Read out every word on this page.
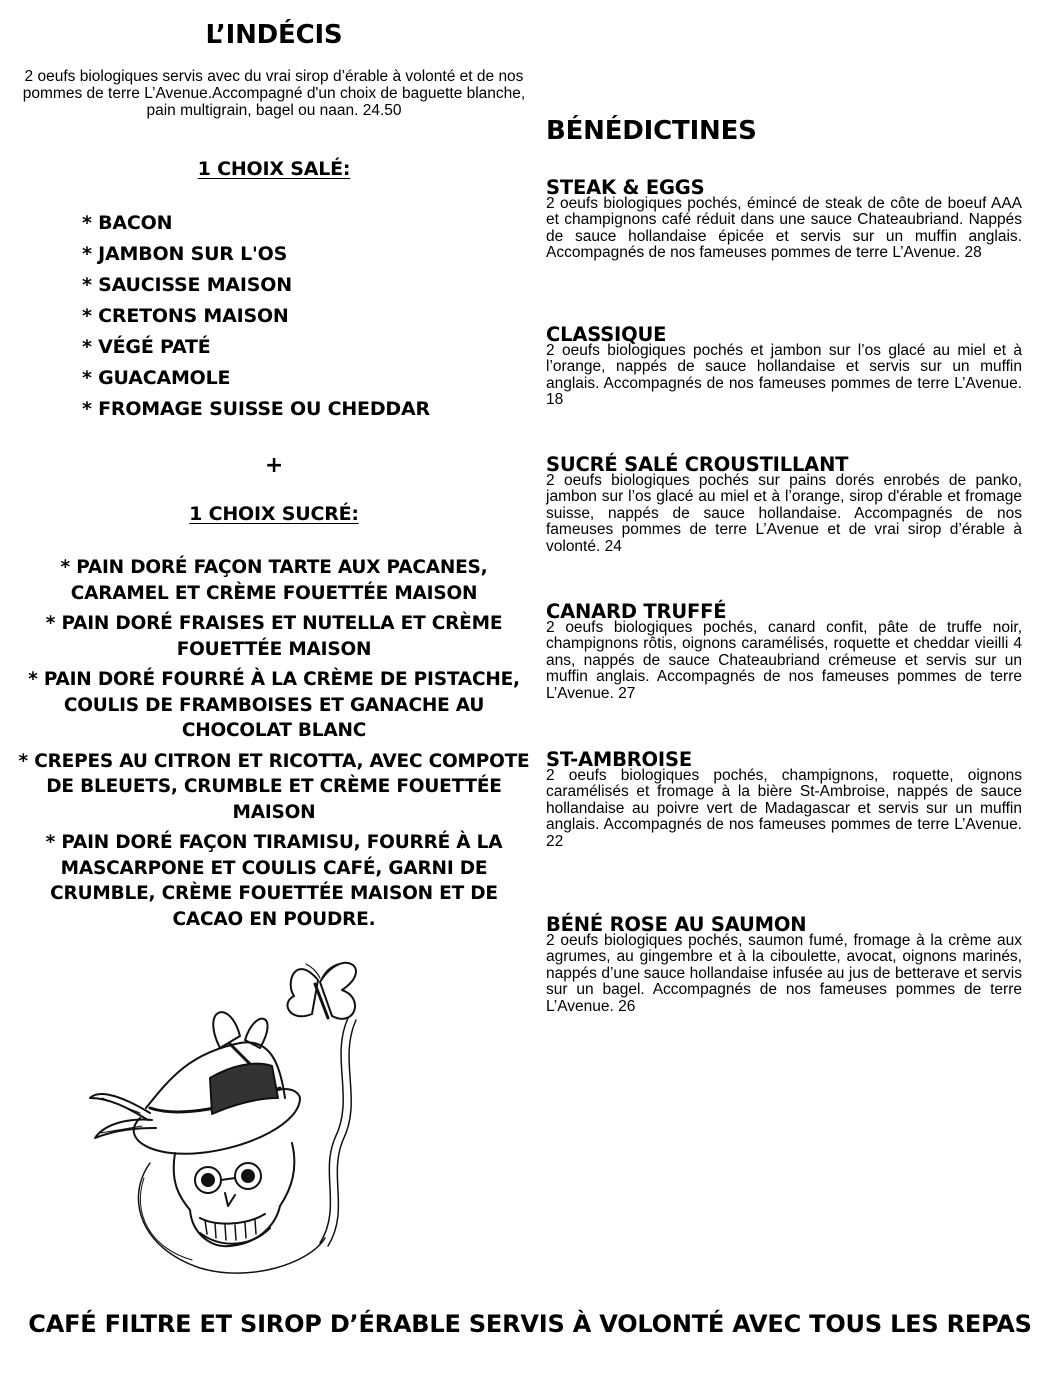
L’INDÉCIS
2 oeufs biologiques servis avec du vrai sirop d’érable à volonté et de nos pommes de terre L’Avenue.Accompagné d'un choix de baguette blanche, pain multigrain, bagel ou naan. 24.50
1 CHOIX SALÉ:
* BACON
* JAMBON SUR L'OS
* SAUCISSE MAISON
* CRETONS MAISON
* VÉGÉ PATÉ
* GUACAMOLE
* FROMAGE SUISSE OU CHEDDAR
+
1 CHOIX SUCRÉ:
* PAIN DORÉ FAÇON TARTE AUX PACANES, CARAMEL ET CRÈME FOUETTÉE MAISON
* PAIN DORÉ FRAISES ET NUTELLA ET CRÈME FOUETTÉE MAISON
* PAIN DORÉ FOURRÉ À LA CRÈME DE PISTACHE, COULIS DE FRAMBOISES ET GANACHE AU CHOCOLAT BLANC
* CREPES AU CITRON ET RICOTTA, AVEC COMPOTE DE BLEUETS, CRUMBLE ET CRÈME FOUETTÉE MAISON
* PAIN DORÉ FAÇON TIRAMISU, FOURRÉ À LA MASCARPONE ET COULIS CAFÉ, GARNI DE CRUMBLE, CRÈME FOUETTÉE MAISON ET DE CACAO EN POUDRE.
BÉNÉDICTINES
STEAK & EGGS
2 oeufs biologiques pochés, émincé de steak de côte de boeuf AAA et champignons café réduit dans une sauce Chateaubriand. Nappés de sauce hollandaise épicée et servis sur un muffin anglais. Accompagnés de nos fameuses pommes de terre L’Avenue. 28
CLASSIQUE
2 oeufs biologiques pochés et jambon sur l’os glacé au miel et à l’orange, nappés de sauce hollandaise et servis sur un muffin anglais. Accompagnés de nos fameuses pommes de terre L’Avenue. 18
SUCRÉ SALÉ CROUSTILLANT
2 oeufs biologiques pochés sur pains dorés enrobés de panko, jambon sur l’os glacé au miel et à l’orange, sirop d'érable et fromage suisse, nappés de sauce hollandaise. Accompagnés de nos fameuses pommes de terre L’Avenue et de vrai sirop d’érable à volonté. 24
CANARD TRUFFÉ
2 oeufs biologiques pochés, canard confit, pâte de truffe noir, champignons rôtis, oignons caramélisés, roquette et cheddar vieilli 4 ans, nappés de sauce Chateaubriand crémeuse et servis sur un muffin anglais. Accompagnés de nos fameuses pommes de terre L’Avenue. 27
ST-AMBROISE
2 oeufs biologiques pochés, champignons, roquette, oignons caramélisés et fromage à la bière St-Ambroise, nappés de sauce hollandaise au poivre vert de Madagascar et servis sur un muffin anglais. Accompagnés de nos fameuses pommes de terre L’Avenue. 22
BÉNÉ ROSE AU SAUMON
2 oeufs biologiques pochés, saumon fumé, fromage à la crème aux agrumes, au gingembre et à la ciboulette, avocat, oignons marinés, nappés d’une sauce hollandaise infusée au jus de betterave et servis sur un bagel. Accompagnés de nos fameuses pommes de terre L’Avenue. 26
CAFÉ FILTRE ET SIROP D’ÉRABLE SERVIS À VOLONTÉ AVEC TOUS LES REPAS
